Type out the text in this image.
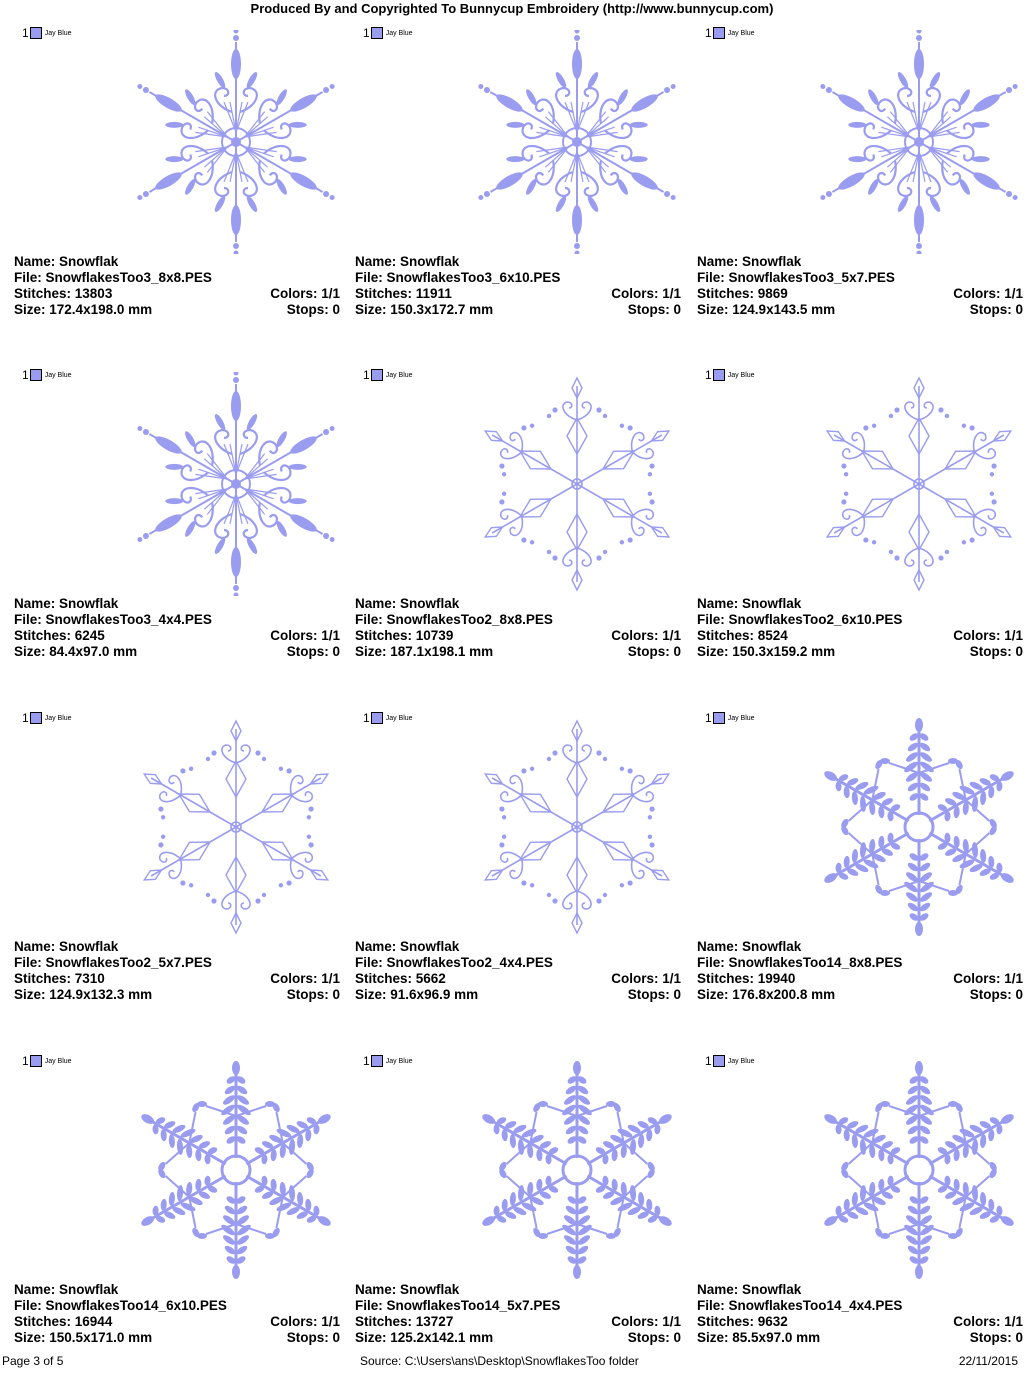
Produced By and Copyrighted To Bunnycup Embroidery (http://www.bunnycup.com)
1 Jay Blue
Name: Snowflak
File: SnowflakesToo3_8x8.PES
Stitches: 13803	Colors: 1/1
Size: 172.4x198.0 mm	Stops: 0
1 Jay Blue
Name: Snowflak
File: SnowflakesToo3_6x10.PES
Stitches: 11911	Colors: 1/1
Size: 150.3x172.7 mm	Stops: 0
1 Jay Blue
Name: Snowflak
File: SnowflakesToo3_5x7.PES
Stitches: 9869	Colors: 1/1
Size: 124.9x143.5 mm	Stops: 0
1 Jay Blue
Name: Snowflak
File: SnowflakesToo3_4x4.PES
Stitches: 6245	Colors: 1/1
Size: 84.4x97.0 mm	Stops: 0
1 Jay Blue
Name: Snowflak
File: SnowflakesToo2_8x8.PES
Stitches: 10739	Colors: 1/1
Size: 187.1x198.1 mm	Stops: 0
1 Jay Blue
Name: Snowflak
File: SnowflakesToo2_6x10.PES
Stitches: 8524	Colors: 1/1
Size: 150.3x159.2 mm	Stops: 0
1 Jay Blue
Name: Snowflak
File: SnowflakesToo2_5x7.PES
Stitches: 7310	Colors: 1/1
Size: 124.9x132.3 mm	Stops: 0
1 Jay Blue
Name: Snowflak
File: SnowflakesToo2_4x4.PES
Stitches: 5662	Colors: 1/1
Size: 91.6x96.9 mm	Stops: 0
1 Jay Blue
Name: Snowflak
File: SnowflakesToo14_8x8.PES
Stitches: 19940	Colors: 1/1
Size: 176.8x200.8 mm	Stops: 0
1 Jay Blue
Name: Snowflak
File: SnowflakesToo14_6x10.PES
Stitches: 16944	Colors: 1/1
Size: 150.5x171.0 mm	Stops: 0
1 Jay Blue
Name: Snowflak
File: SnowflakesToo14_5x7.PES
Stitches: 13727	Colors: 1/1
Size: 125.2x142.1 mm	Stops: 0
1 Jay Blue
Name: Snowflak
File: SnowflakesToo14_4x4.PES
Stitches: 9632	Colors: 1/1
Size: 85.5x97.0 mm	Stops: 0
Page 3 of 5	Source: C:\Users\ans\Desktop\SnowflakesToo folder	22/11/2015
